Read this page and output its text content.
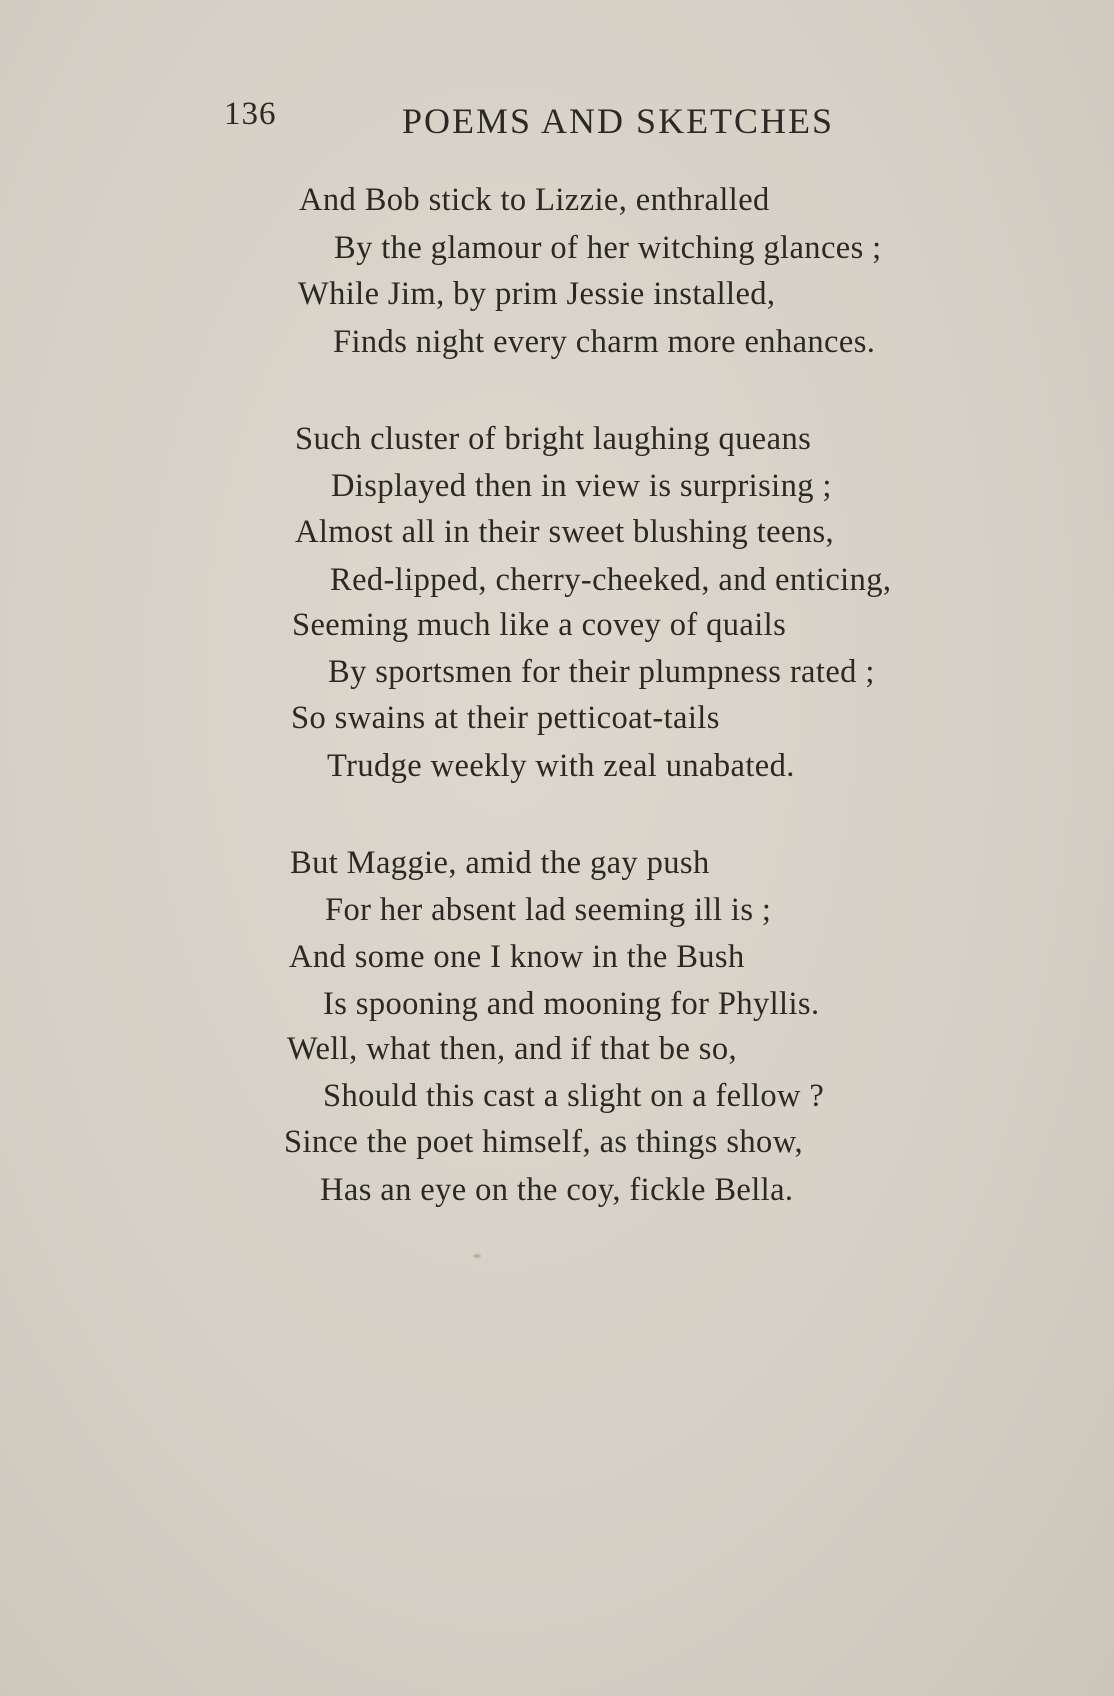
136	POEMS AND SKETCHES
And Bob stick to Lizzie, enthralled
By the glamour of her witching glances ;
While Jim, by prim Jessie installed,
Finds night every charm more enhances.
Such cluster of bright laughing queans
Displayed then in view is surprising ;
Almost all in their sweet blushing teens,
Red-lipped, cherry-cheeked, and enticing,
Seeming much like a covey of quails
By sportsmen for their plumpness rated ;
So swains at their petticoat-tails
Trudge weekly with zeal unabated.
But Maggie, amid the gay push
For her absent lad seeming ill is ;
And some one I know in the Bush
Is spooning and mooning for Phyllis.
Well, what then, and if that be so,
Should this cast a slight on a fellow ?
Since the poet himself, as things show,
Has an eye on the coy, fickle Bella.
